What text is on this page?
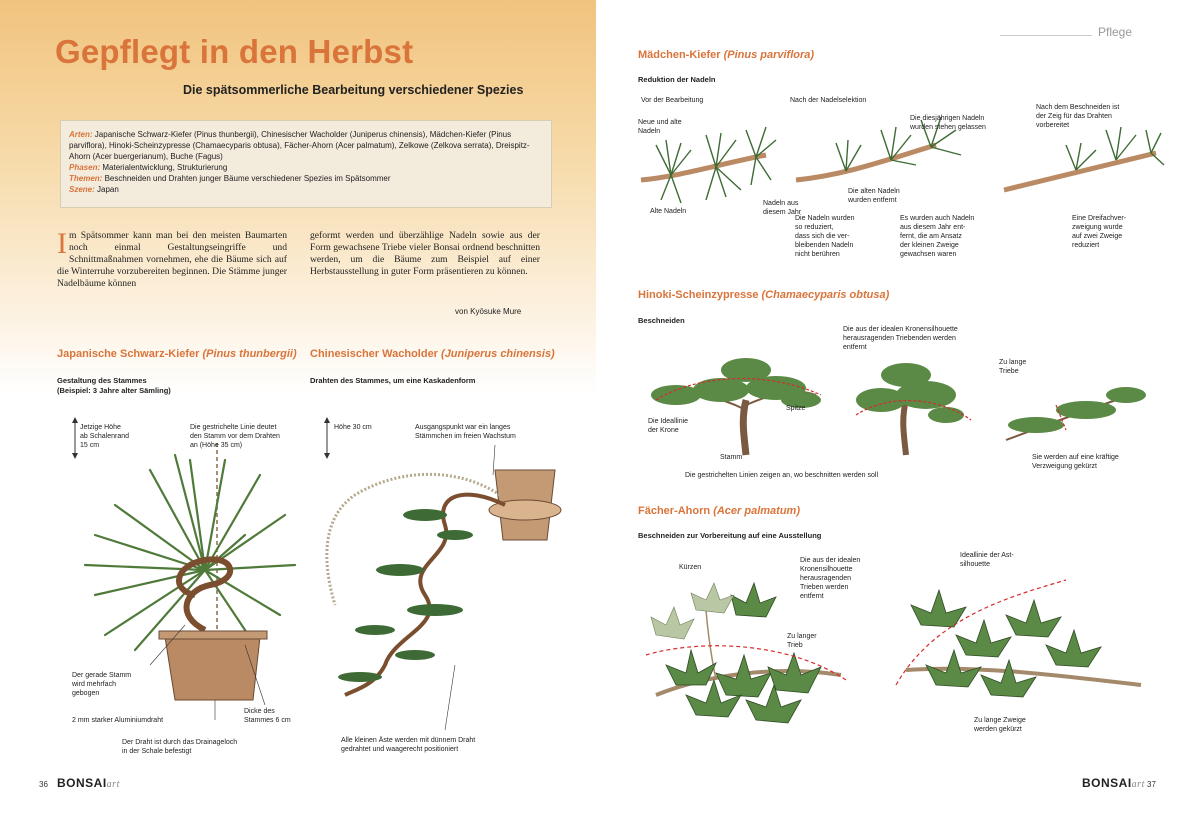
Gepflegt in den Herbst
Die spätsommerliche Bearbeitung verschiedener Spezies
Arten: Japanische Schwarz-Kiefer (Pinus thunbergii), Chinesischer Wacholder (Juniperus chinensis), Mädchen-Kiefer (Pinus parviflora), Hinoki-Scheinzypresse (Chamaecyparis obtusa), Fächer-Ahorn (Acer palmatum), Zelkowe (Zelkova serrata), Dreispitz-Ahorn (Acer buergerianum), Buche (Fagus)
Phasen: Materialentwicklung, Strukturierung
Themen: Beschneiden und Drahten junger Bäume verschiedener Spezies im Spätsommer
Szene: Japan
Im Spätsommer kann man bei den meisten Baumarten noch einmal Gestaltungseingriffe und Schnittmaßnahmen vornehmen, ehe die Bäume sich auf die Winterruhe vorzubereiten beginnen. Die Stämme junger Nadelbäume können
geformt werden und überzählige Nadeln sowie aus der Form gewachsene Triebe vieler Bonsai ordnend beschnitten werden, um die Bäume zum Beispiel auf einer Herbstausstellung in guter Form präsentieren zu können.
von Kyōsuke Mure
Japanische Schwarz-Kiefer (Pinus thunbergii)
Gestaltung des Stammes
(Beispiel: 3 Jahre alter Sämling)
Jetzige Höhe
ab Schalenrand
15 cm
Die gestrichelte Linie deutet
den Stamm vor dem Drahten
an (Höhe 35 cm)
Der gerade Stamm
wird mehrfach
gebogen
2 mm starker Aluminiumdraht
Dicke des
Stammes 6 cm
Der Draht ist durch das Drainageloch
in der Schale befestigt
Chinesischer Wacholder (Juniperus chinensis)
Drahten des Stammes, um eine Kaskadenform
Höhe 30 cm	Ausgangspunkt war ein langes
Stämmchen im freien Wachstum
Alle kleinen Äste werden mit dünnem Draht
gedrahtet und waagerecht positioniert
36 BONSAIart
Pflege
Mädchen-Kiefer (Pinus parviflora)
Reduktion der Nadeln
Vor der Bearbeitung	Nach der Nadelselektion
Nach dem Beschneiden ist
der Zeig für das Drahten
vorbereitet
Neue und alte
Nadeln
Alte Nadeln
Nadeln aus
diesem Jahr
Die diesjährigen Nadeln
wurden stehen gelassen
Die alten Nadeln
wurden entfernt
Die Nadeln wurden
so reduziert,
dass sich die ver-
bleibenden Nadeln
nicht berühren
Es wurden auch Nadeln
aus diesem Jahr ent-
fernt, die am Ansatz
der kleinen Zweige
gewachsen waren
Eine Dreifachver-
zweigung wurde
auf zwei Zweige
reduziert
Hinoki-Scheinzypresse (Chamaecyparis obtusa)
Beschneiden
Die aus der idealen Kronensilhouette
herausragenden Triebenden werden
entfernt
Zu lange
Triebe
Die Ideallinie
der Krone
Spitze
Stamm	Sie werden auf eine kräftige
Verzweigung gekürzt
Die gestrichelten Linien zeigen an, wo beschnitten werden soll
Fächer-Ahorn (Acer palmatum)
Beschneiden zur Vorbereitung auf eine Ausstellung
Kürzen
Die aus der idealen
Kronensilhouette
herausragenden
Trieben werden
entfernt
Zu langer
Trieb
Ideallinie der Ast-
silhouette
Zu lange Zweige
werden gekürzt
BONSAIart 37
